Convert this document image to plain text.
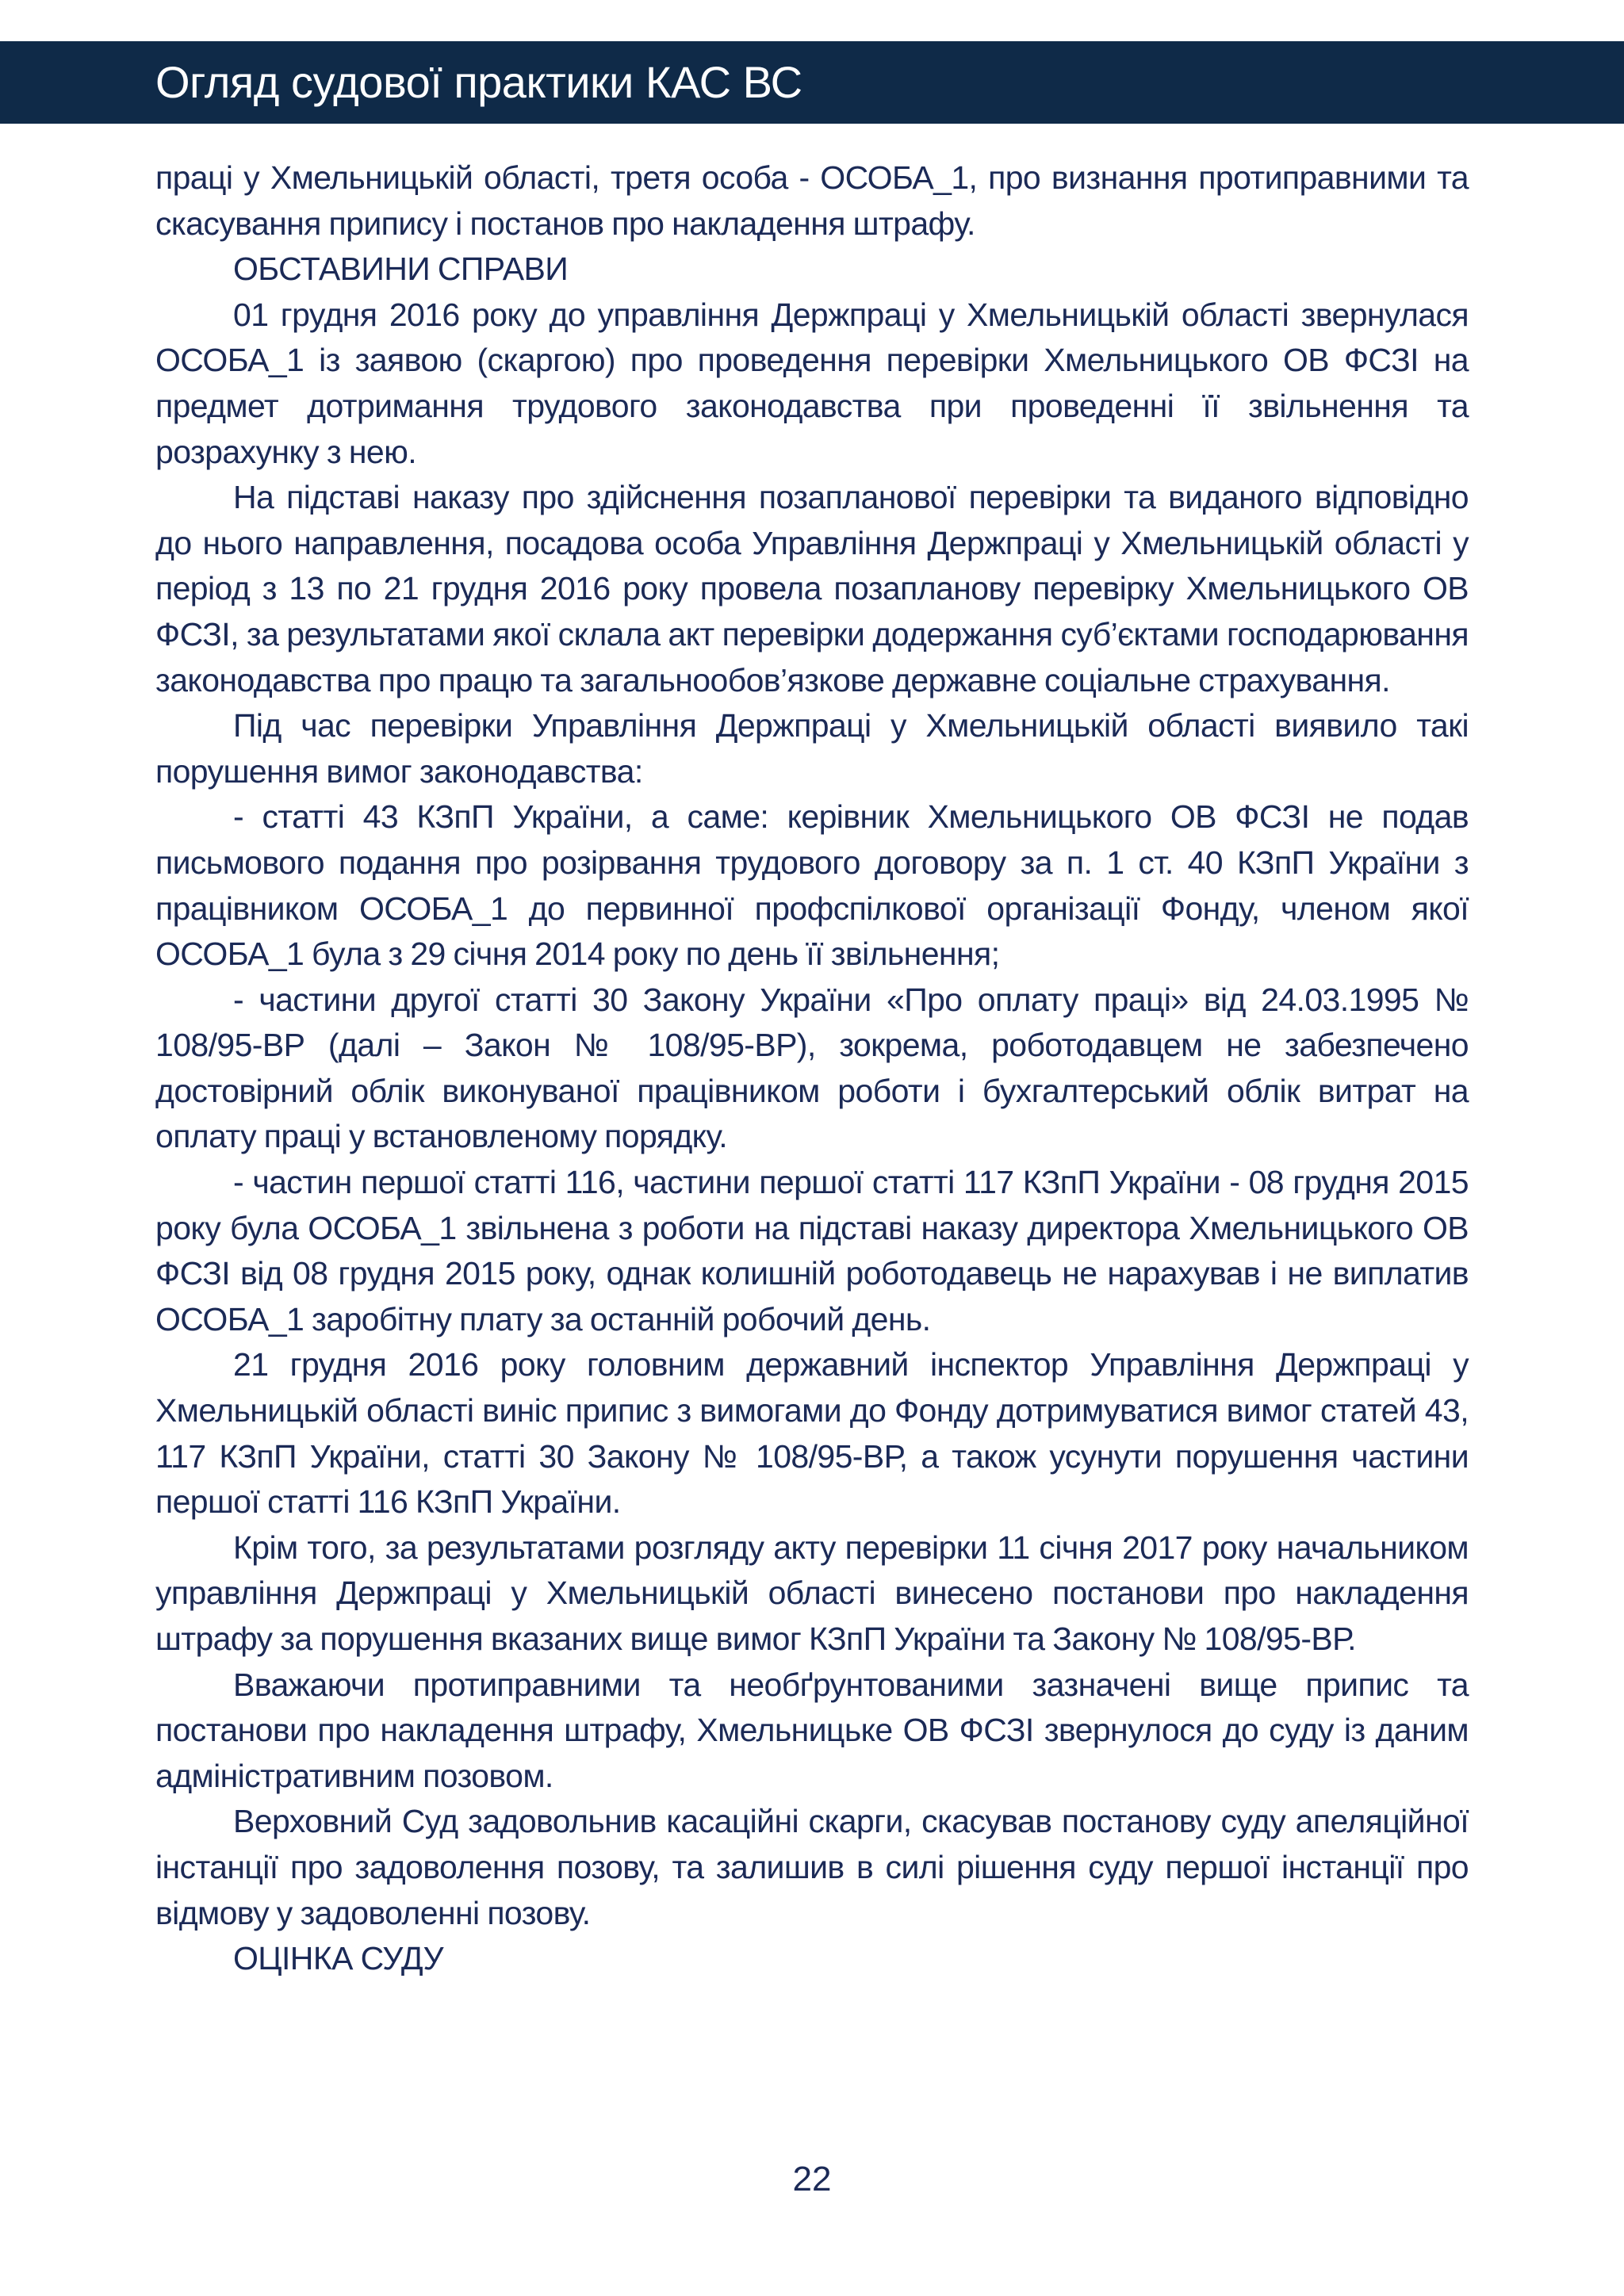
Огляд судової практики КАС ВС

праці у Хмельницькій області, третя особа - ОСОБА_1, про визнання протиправними та скасування припису і постанов про накладення штрафу.

ОБСТАВИНИ СПРАВИ

01 грудня 2016 року до управління Держпраці у Хмельницькій області звернулася ОСОБА_1 із заявою (скаргою) про проведення перевірки Хмельницького ОВ ФСЗІ на предмет дотримання трудового законодавства при проведенні її звільнення та розрахунку з нею.

На підставі наказу про здійснення позапланової перевірки та виданого відповідно до нього направлення, посадова особа Управління Держпраці у Хмельницькій області у період з 13 по 21 грудня 2016 року провела позапланову перевірку Хмельницького ОВ ФСЗІ, за результатами якої склала акт перевірки додержання суб’єктами господарювання законодавства про працю та загальнообов’язкове державне соціальне страхування.

Під час перевірки Управління Держпраці у Хмельницькій області виявило такі порушення вимог законодавства:

- статті 43 КЗпП України, а саме: керівник Хмельницького ОВ ФСЗІ не подав письмового подання про розірвання трудового договору за п. 1 ст. 40 КЗпП України з працівником ОСОБА_1 до первинної профспілкової організації Фонду, членом якої ОСОБА_1 була з 29 січня 2014 року по день її звільнення;

- частини другої статті 30 Закону України «Про оплату праці» від 24.03.1995 № 108/95-ВР (далі – Закон № 108/95-ВР), зокрема, роботодавцем не забезпечено достовірний облік виконуваної працівником роботи і бухгалтерський облік витрат на оплату праці у встановленому порядку.

- частин першої статті 116, частини першої статті 117 КЗпП України - 08 грудня 2015 року була ОСОБА_1 звільнена з роботи на підставі наказу директора Хмельницького ОВ ФСЗІ від 08 грудня 2015 року, однак колишній роботодавець не нарахував і не виплатив ОСОБА_1 заробітну плату за останній робочий день.

21 грудня 2016 року головним державний інспектор Управління Держпраці у Хмельницькій області виніс припис з вимогами до Фонду дотримуватися вимог статей 43, 117 КЗпП України, статті 30 Закону № 108/95-ВР, а також усунути порушення частини першої статті 116 КЗпП України.

Крім того, за результатами розгляду акту перевірки 11 січня 2017 року начальником управління Держпраці у Хмельницькій області винесено постанови про накладення штрафу за порушення вказаних вище вимог КЗпП України та Закону № 108/95-ВР.

Вважаючи протиправними та необґрунтованими зазначені вище припис та постанови про накладення штрафу, Хмельницьке ОВ ФСЗІ звернулося до суду із даним адміністративним позовом.

Верховний Суд задовольнив касаційні скарги, скасував постанову суду апеляційної інстанції про задоволення позову, та залишив в силі рішення суду першої інстанції про відмову у задоволенні позову.

ОЦІНКА СУДУ

22
